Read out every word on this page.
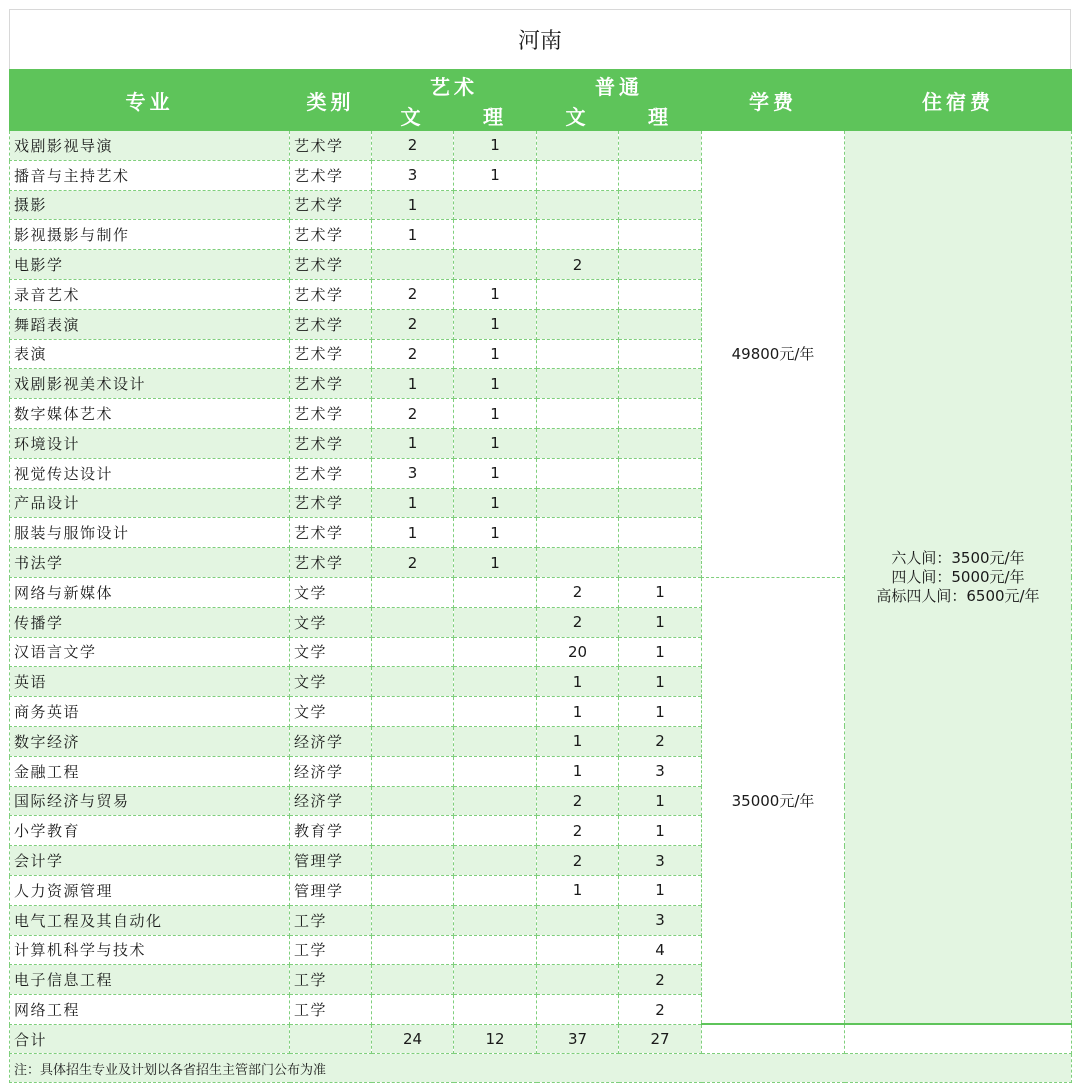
河南
专业	类别	艺术		普通		学费	住宿费
		文	理	文	理		
戏剧影视导演	艺术学	2	1			49800元/年	六人间：3500元/年
四人间：5000元/年
高标四人间：6500元/年

播音与主持艺术	艺术学	3	1				
摄影	艺术学	1					
影视摄影与制作	艺术学	1					
电影学	艺术学			2			
录音艺术	艺术学	2	1				
舞蹈表演	艺术学	2	1				
表演	艺术学	2	1				
戏剧影视美术设计	艺术学	1	1				
数字媒体艺术	艺术学	2	1				
环境设计	艺术学	1	1				
视觉传达设计	艺术学	3	1				
产品设计	艺术学	1	1				
服装与服饰设计	艺术学	1	1				
书法学	艺术学	2	1				
网络与新媒体	文学			2	1	35000元/年	
传播学	文学			2	1		
汉语言文学	文学			20	1		
英语	文学			1	1		
商务英语	文学			1	1		
数字经济	经济学			1	2		
金融工程	经济学			1	3		
国际经济与贸易	经济学			2	1		
小学教育	教育学			2	1		
会计学	管理学			2	3		
人力资源管理	管理学			1	1		
电气工程及其自动化	工学				3		
计算机科学与技术	工学				4		
电子信息工程	工学				2		
网络工程	工学				2		
合计		24	12	37	27		
注：具体招生专业及计划以各省招生主管部门公布为准							
